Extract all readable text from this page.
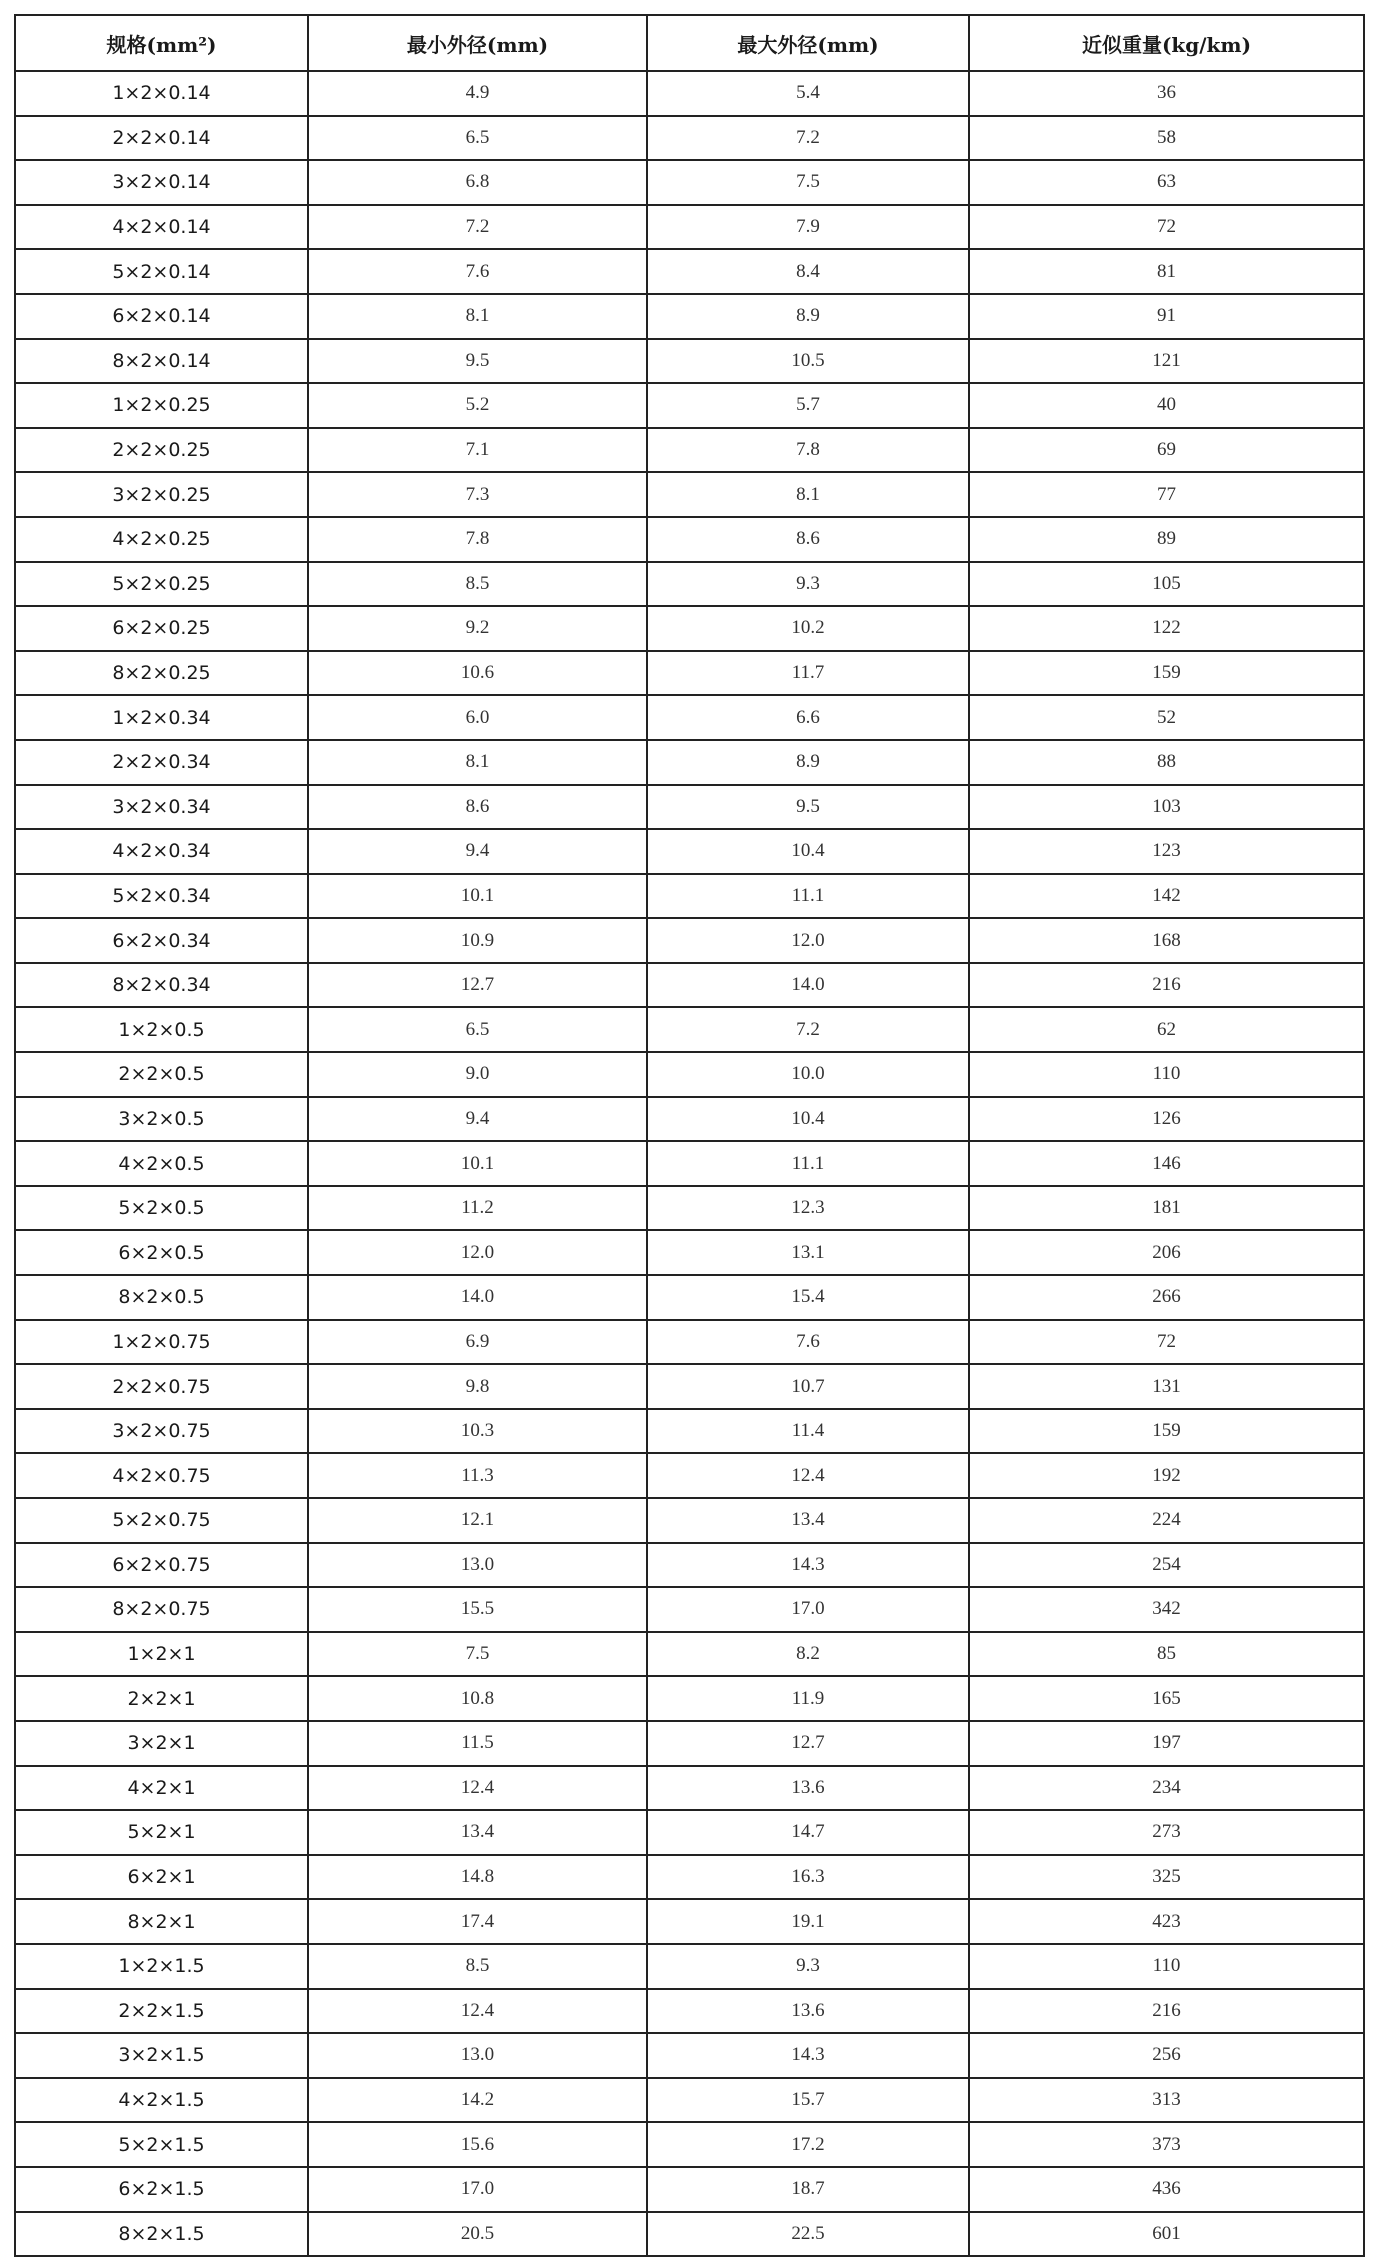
规格(mm²)	最小外径(mm)	最大外径(mm)	近似重量(kg/km)
1×2×0.14	4.9	5.4	36
2×2×0.14	6.5	7.2	58
3×2×0.14	6.8	7.5	63
4×2×0.14	7.2	7.9	72
5×2×0.14	7.6	8.4	81
6×2×0.14	8.1	8.9	91
8×2×0.14	9.5	10.5	121
1×2×0.25	5.2	5.7	40
2×2×0.25	7.1	7.8	69
3×2×0.25	7.3	8.1	77
4×2×0.25	7.8	8.6	89
5×2×0.25	8.5	9.3	105
6×2×0.25	9.2	10.2	122
8×2×0.25	10.6	11.7	159
1×2×0.34	6.0	6.6	52
2×2×0.34	8.1	8.9	88
3×2×0.34	8.6	9.5	103
4×2×0.34	9.4	10.4	123
5×2×0.34	10.1	11.1	142
6×2×0.34	10.9	12.0	168
8×2×0.34	12.7	14.0	216
1×2×0.5	6.5	7.2	62
2×2×0.5	9.0	10.0	110
3×2×0.5	9.4	10.4	126
4×2×0.5	10.1	11.1	146
5×2×0.5	11.2	12.3	181
6×2×0.5	12.0	13.1	206
8×2×0.5	14.0	15.4	266
1×2×0.75	6.9	7.6	72
2×2×0.75	9.8	10.7	131
3×2×0.75	10.3	11.4	159
4×2×0.75	11.3	12.4	192
5×2×0.75	12.1	13.4	224
6×2×0.75	13.0	14.3	254
8×2×0.75	15.5	17.0	342
1×2×1	7.5	8.2	85
2×2×1	10.8	11.9	165
3×2×1	11.5	12.7	197
4×2×1	12.4	13.6	234
5×2×1	13.4	14.7	273
6×2×1	14.8	16.3	325
8×2×1	17.4	19.1	423
1×2×1.5	8.5	9.3	110
2×2×1.5	12.4	13.6	216
3×2×1.5	13.0	14.3	256
4×2×1.5	14.2	15.7	313
5×2×1.5	15.6	17.2	373
6×2×1.5	17.0	18.7	436
8×2×1.5	20.5	22.5	601
